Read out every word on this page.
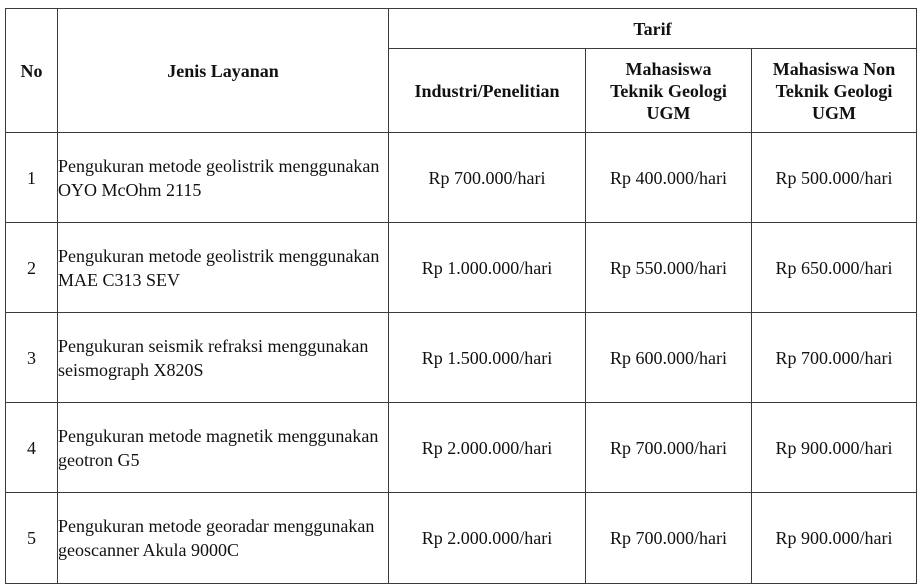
No	Jenis Layanan	Tarif		
		Industri/Penelitian	Mahasiswa Teknik Geologi UGM	Mahasiswa Non Teknik Geologi UGM
1	Pengukuran metode geolistrik menggunakan OYO McOhm 2115	Rp 700.000/hari	Rp 400.000/hari	Rp 500.000/hari
2	Pengukuran metode geolistrik menggunakan MAE C313 SEV	Rp 1.000.000/hari	Rp 550.000/hari	Rp 650.000/hari
3	Pengukuran seismik refraksi menggunakan seismograph X820S	Rp 1.500.000/hari	Rp 600.000/hari	Rp 700.000/hari
4	Pengukuran metode magnetik menggunakan geotron G5	Rp 2.000.000/hari	Rp 700.000/hari	Rp 900.000/hari
5	Pengukuran metode georadar menggunakan geoscanner Akula 9000C	Rp 2.000.000/hari	Rp 700.000/hari	Rp 900.000/hari
